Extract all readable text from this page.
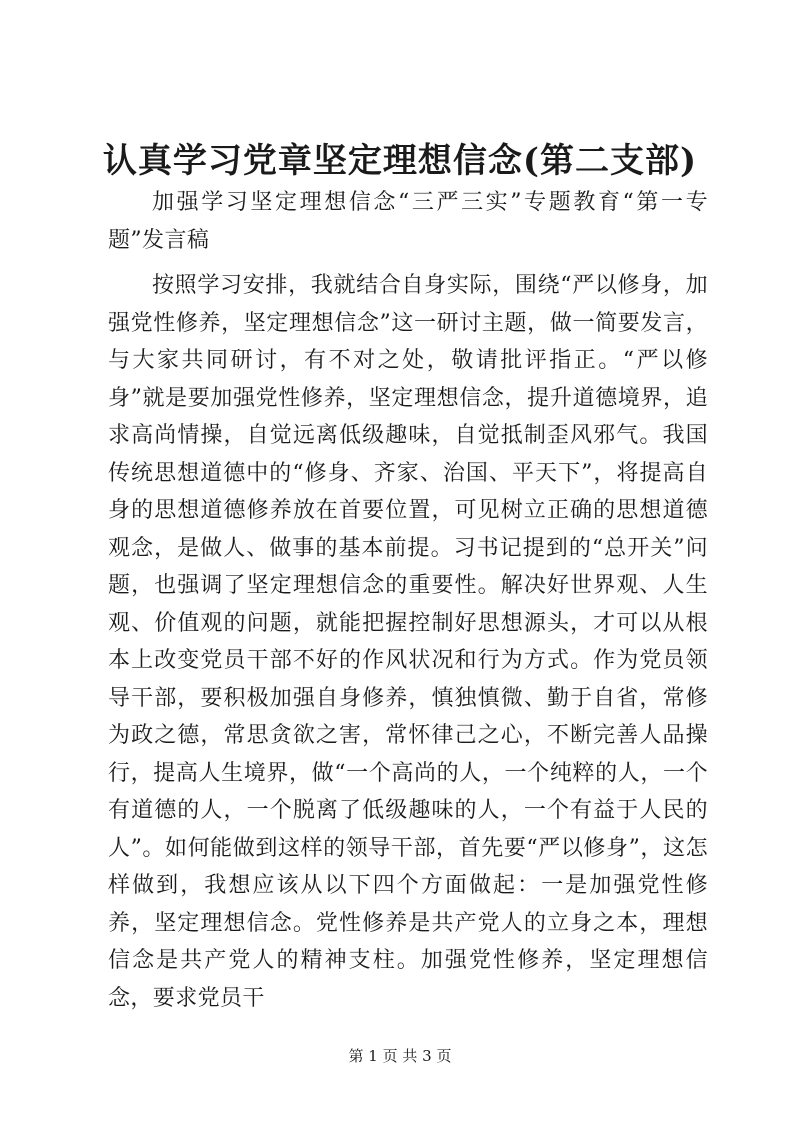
认真学习党章坚定理想信念(第二支部)

加强学习坚定理想信念“三严三实”专题教育“第一专题”发言稿

按照学习安排，我就结合自身实际，围绕“严以修身，加强党性修养，坚定理想信念”这一研讨主题，做一简要发言，与大家共同研讨，有不对之处，敬请批评指正。“严以修身”就是要加强党性修养，坚定理想信念，提升道德境界，追求高尚情操，自觉远离低级趣味，自觉抵制歪风邪气。我国传统思想道德中的“修身、齐家、治国、平天下”，将提高自身的思想道德修养放在首要位置，可见树立正确的思想道德观念，是做人、做事的基本前提。习书记提到的“总开关”问题，也强调了坚定理想信念的重要性。解决好世界观、人生观、价值观的问题，就能把握控制好思想源头，才可以从根本上改变党员干部不好的作风状况和行为方式。作为党员领导干部，要积极加强自身修养，慎独慎微、勤于自省，常修为政之德，常思贪欲之害，常怀律己之心，不断完善人品操行，提高人生境界，做“一个高尚的人，一个纯粹的人，一个有道德的人，一个脱离了低级趣味的人，一个有益于人民的人”。如何能做到这样的领导干部，首先要“严以修身”，这怎样做到，我想应该从以下四个方面做起：一是加强党性修养，坚定理想信念。党性修养是共产党人的立身之本，理想信念是共产党人的精神支柱。加强党性修养，坚定理想信念，要求党员干

第 1 页 共 3 页
